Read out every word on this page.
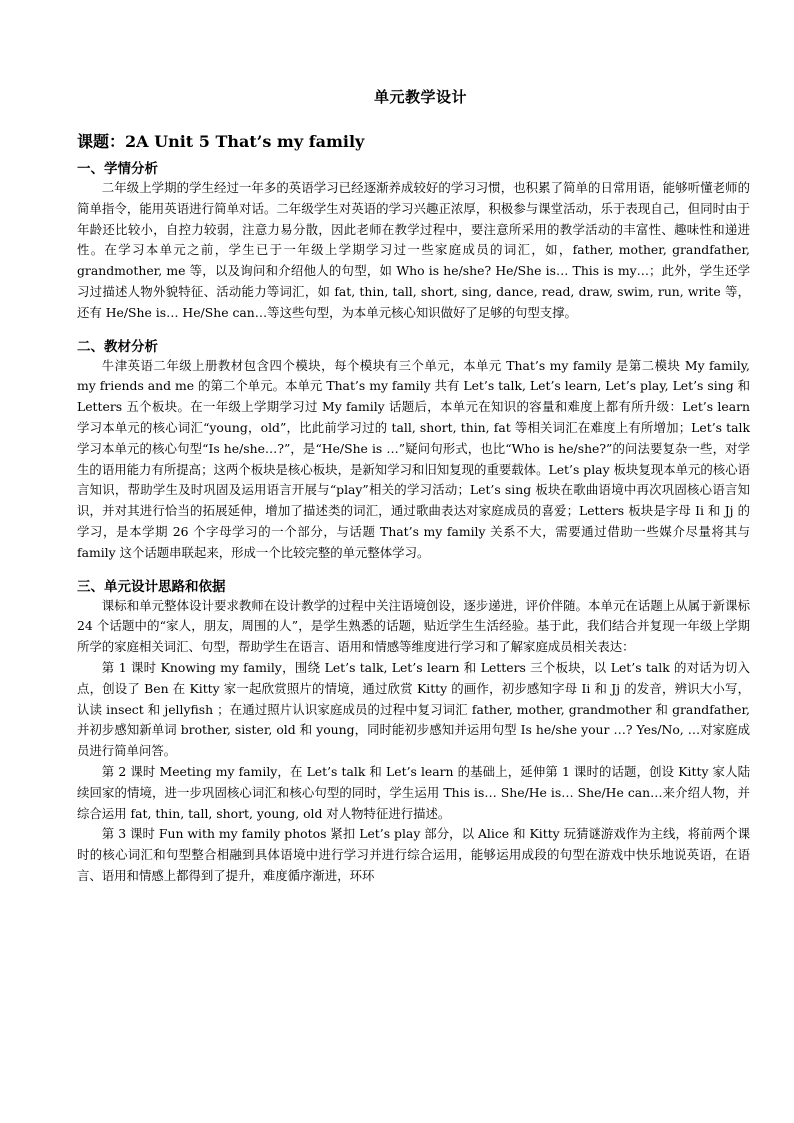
单元教学设计
课题：2A Unit 5 That’s my family
一、学情分析

二年级上学期的学生经过一年多的英语学习已经逐渐养成较好的学习习惯，也积累了简单的日常用语，能够听懂老师的简单指令，能用英语进行简单对话。二年级学生对英语的学习兴趣正浓厚，积极参与课堂活动，乐于表现自己，但同时由于年龄还比较小，自控力较弱，注意力易分散，因此老师在教学过程中，要注意所采用的教学活动的丰富性、趣味性和递进性。在学习本单元之前，学生已于一年级上学期学习过一些家庭成员的词汇，如，father, mother, grandfather, grandmother, me 等，以及询问和介绍他人的句型，如 Who is he/she? He/She is… This is my…；此外，学生还学习过描述人物外貌特征、活动能力等词汇，如 fat, thin, tall, short, sing, dance, read, draw, swim, run, write 等，还有 He/She is… He/She can…等这些句型，为本单元核心知识做好了足够的句型支撑。

二、教材分析

牛津英语二年级上册教材包含四个模块，每个模块有三个单元，本单元 That’s my family 是第二模块 My family, my friends and me 的第二个单元。本单元 That’s my family 共有 Let’s talk, Let’s learn, Let’s play, Let’s sing 和 Letters 五个板块。在一年级上学期学习过 My family 话题后，本单元在知识的容量和难度上都有所升级：Let’s learn 学习本单元的核心词汇“young，old”，比此前学习过的 tall, short, thin, fat 等相关词汇在难度上有所增加；Let’s talk 学习本单元的核心句型“Is he/she…?”，是“He/She is …”疑问句形式，也比“Who is he/she?”的问法要复杂一些，对学生的语用能力有所提高；这两个板块是核心板块，是新知学习和旧知复现的重要载体。Let’s play 板块复现本单元的核心语言知识，帮助学生及时巩固及运用语言开展与“play”相关的学习活动；Let’s sing 板块在歌曲语境中再次巩固核心语言知识，并对其进行恰当的拓展延伸，增加了描述类的词汇，通过歌曲表达对家庭成员的喜爱；Letters 板块是字母 Ii 和 Jj 的学习，是本学期 26 个字母学习的一个部分，与话题 That’s my family 关系不大，需要通过借助一些媒介尽量将其与 family 这个话题串联起来，形成一个比较完整的单元整体学习。

三、单元设计思路和依据

课标和单元整体设计要求教师在设计教学的过程中关注语境创设，逐步递进，评价伴随。本单元在话题上从属于新课标 24 个话题中的“家人，朋友，周围的人”，是学生熟悉的话题，贴近学生生活经验。基于此，我们结合并复现一年级上学期所学的家庭相关词汇、句型，帮助学生在语言、语用和情感等维度进行学习和了解家庭成员相关表达：

第 1 课时 Knowing my family，围绕 Let’s talk, Let’s learn 和 Letters 三个板块，以 Let’s talk 的对话为切入点，创设了 Ben 在 Kitty 家一起欣赏照片的情境，通过欣赏 Kitty 的画作，初步感知字母 Ii 和 Jj 的发音，辨识大小写，认读 insect 和 jellyfish ；在通过照片认识家庭成员的过程中复习词汇 father, mother, grandmother 和 grandfather, 并初步感知新单词 brother, sister, old 和 young，同时能初步感知并运用句型 Is he/she your …? Yes/No, …对家庭成员进行简单问答。

第 2 课时 Meeting my family，在 Let’s talk 和 Let’s learn 的基础上，延伸第 1 课时的话题，创设 Kitty 家人陆续回家的情境，进一步巩固核心词汇和核心句型的同时，学生运用 This is… She/He is… She/He can…来介绍人物，并综合运用 fat, thin, tall, short, young, old 对人物特征进行描述。

第 3 课时 Fun with my family photos 紧扣 Let’s play 部分，以 Alice 和 Kitty 玩猜谜游戏作为主线，将前两个课时的核心词汇和句型整合相融到具体语境中进行学习并进行综合运用，能够运用成段的句型在游戏中快乐地说英语，在语言、语用和情感上都得到了提升，难度循序渐进，环环
